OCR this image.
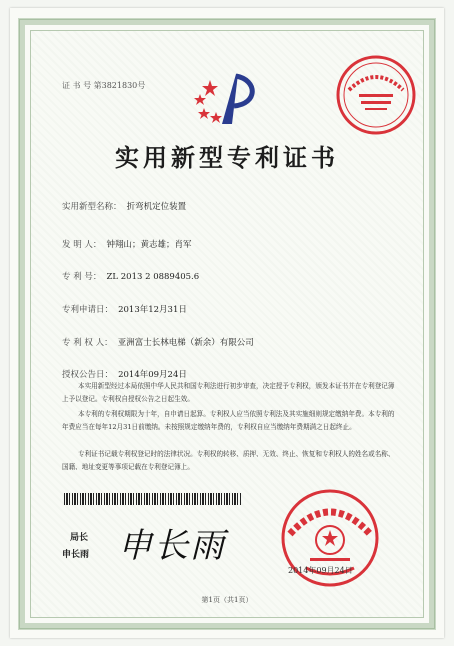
证 书 号 第3821830号
实用新型专利证书
实用新型名称： 折弯机定位装置
发 明 人： 钟翔山；黄志雄；肖军
专 利 号： ZL 2013 2 0889405.6
专利申请日： 2013年12月31日
专 利 权 人： 亚洲富士长林电梯（新余）有限公司
授权公告日： 2014年09月24日
本实用新型经过本局依照中华人民共和国专利法进行初步审查，决定授予专利权，颁发本证书并在专利登记簿上予以登记。专利权自授权公告之日起生效。
本专利的专利权期限为十年，自申请日起算。专利权人应当依照专利法及其实施细则规定缴纳年费。本专利的年费应当在每年12月31日前缴纳。未按照规定缴纳年费的，专利权自应当缴纳年费期满之日起终止。
专利证书记载专利权登记时的法律状况。专利权的转移、质押、无效、终止、恢复和专利权人的姓名或名称、国籍、地址变更等事项记载在专利登记簿上。
局长
申长雨 申长雨
2014年09月24日
第1页（共1页）
